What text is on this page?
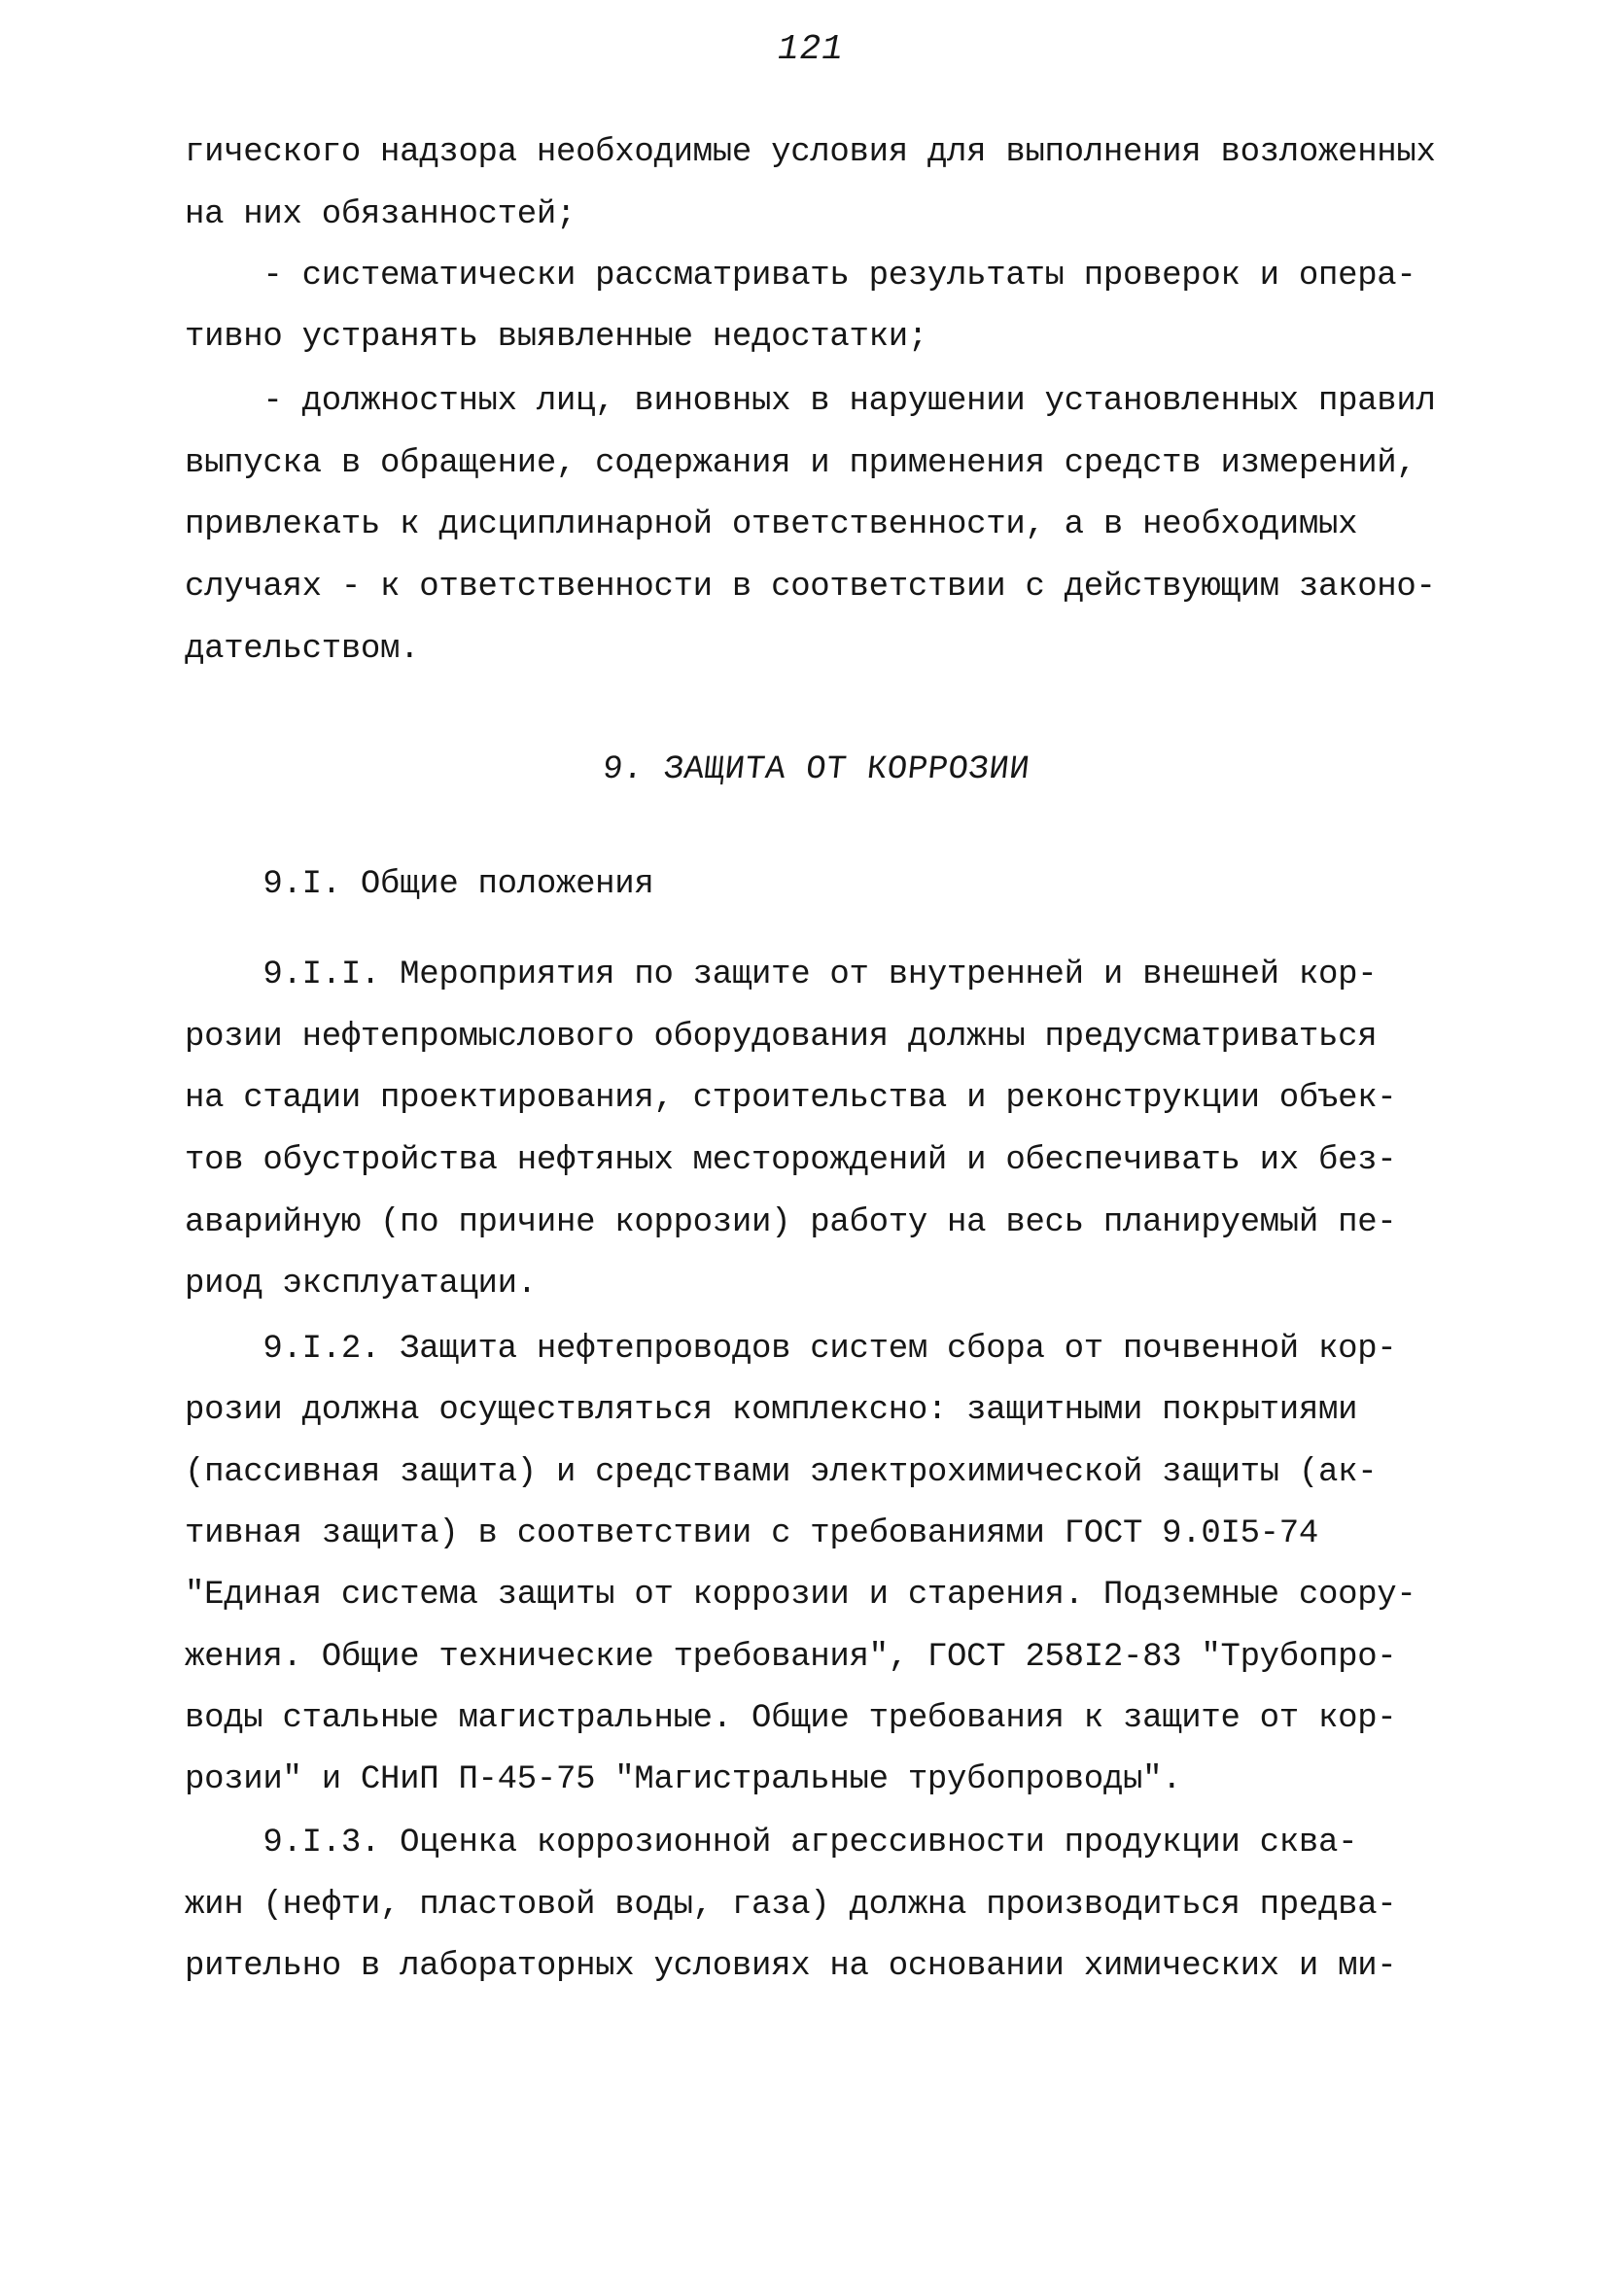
121
гического надзора необходимые условия для выполнения возложенных
на них обязанностей;
- систематически рассматривать результаты проверок и опера-
тивно устранять выявленные недостатки;
- должностных лиц, виновных в нарушении установленных правил
выпуска в обращение, содержания и применения средств измерений,
привлекать к дисциплинарной ответственности, а в необходимых
случаях - к ответственности в соответствии с действующим законо-
дательством.
9. ЗАЩИТА ОТ КОРРОЗИИ
9.I. Общие положения
9.I.I. Мероприятия по защите от внутренней и внешней кор-
розии нефтепромыслового оборудования должны предусматриваться
на стадии проектирования, строительства и реконструкции объек-
тов обустройства нефтяных месторождений и обеспечивать их без-
аварийную (по причине коррозии) работу на весь планируемый пе-
риод эксплуатации.
9.I.2. Защита нефтепроводов систем сбора от почвенной кор-
розии должна осуществляться комплексно: защитными покрытиями
(пассивная защита) и средствами электрохимической защиты (ак-
тивная защита) в соответствии с требованиями ГОСТ 9.0I5-74
"Единая система защиты от коррозии и старения. Подземные соору-
жения. Общие технические требования", ГОСТ 258I2-83 "Трубопро-
воды стальные магистральные. Общие требования к защите от кор-
розии" и СНиП П-45-75 "Магистральные трубопроводы".
9.I.3. Оценка коррозионной агрессивности продукции сква-
жин (нефти, пластовой воды, газа) должна производиться предва-
рительно в лабораторных условиях на основании химических и ми-
